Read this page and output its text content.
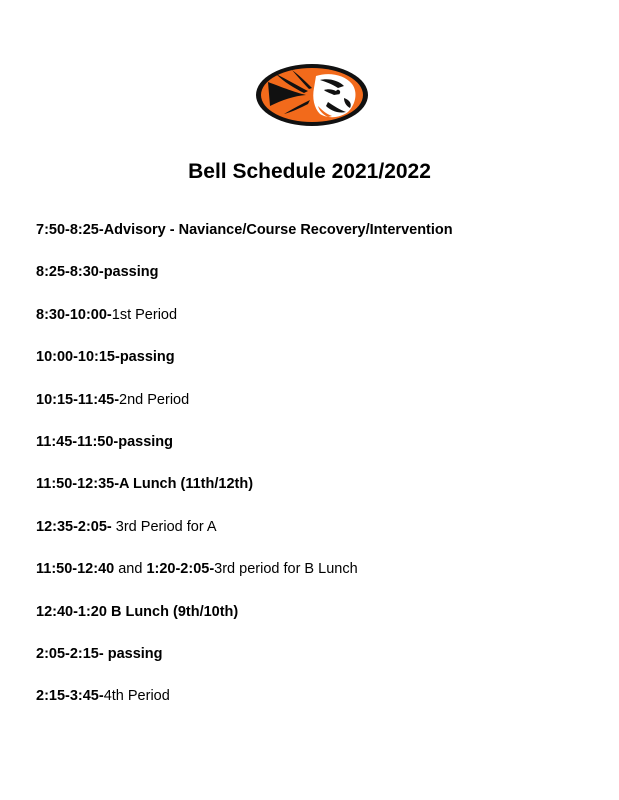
Bell Schedule 2021/2022
7:50-8:25-Advisory - Naviance/Course Recovery/Intervention
8:25-8:30-passing
8:30-10:00-1st Period
10:00-10:15-passing
10:15-11:45-2nd Period
11:45-11:50-passing
11:50-12:35-A Lunch (11th/12th)
12:35-2:05- 3rd Period for A
11:50-12:40 and 1:20-2:05-3rd period for B Lunch
12:40-1:20 B Lunch (9th/10th)
2:05-2:15- passing
2:15-3:45-4th Period
